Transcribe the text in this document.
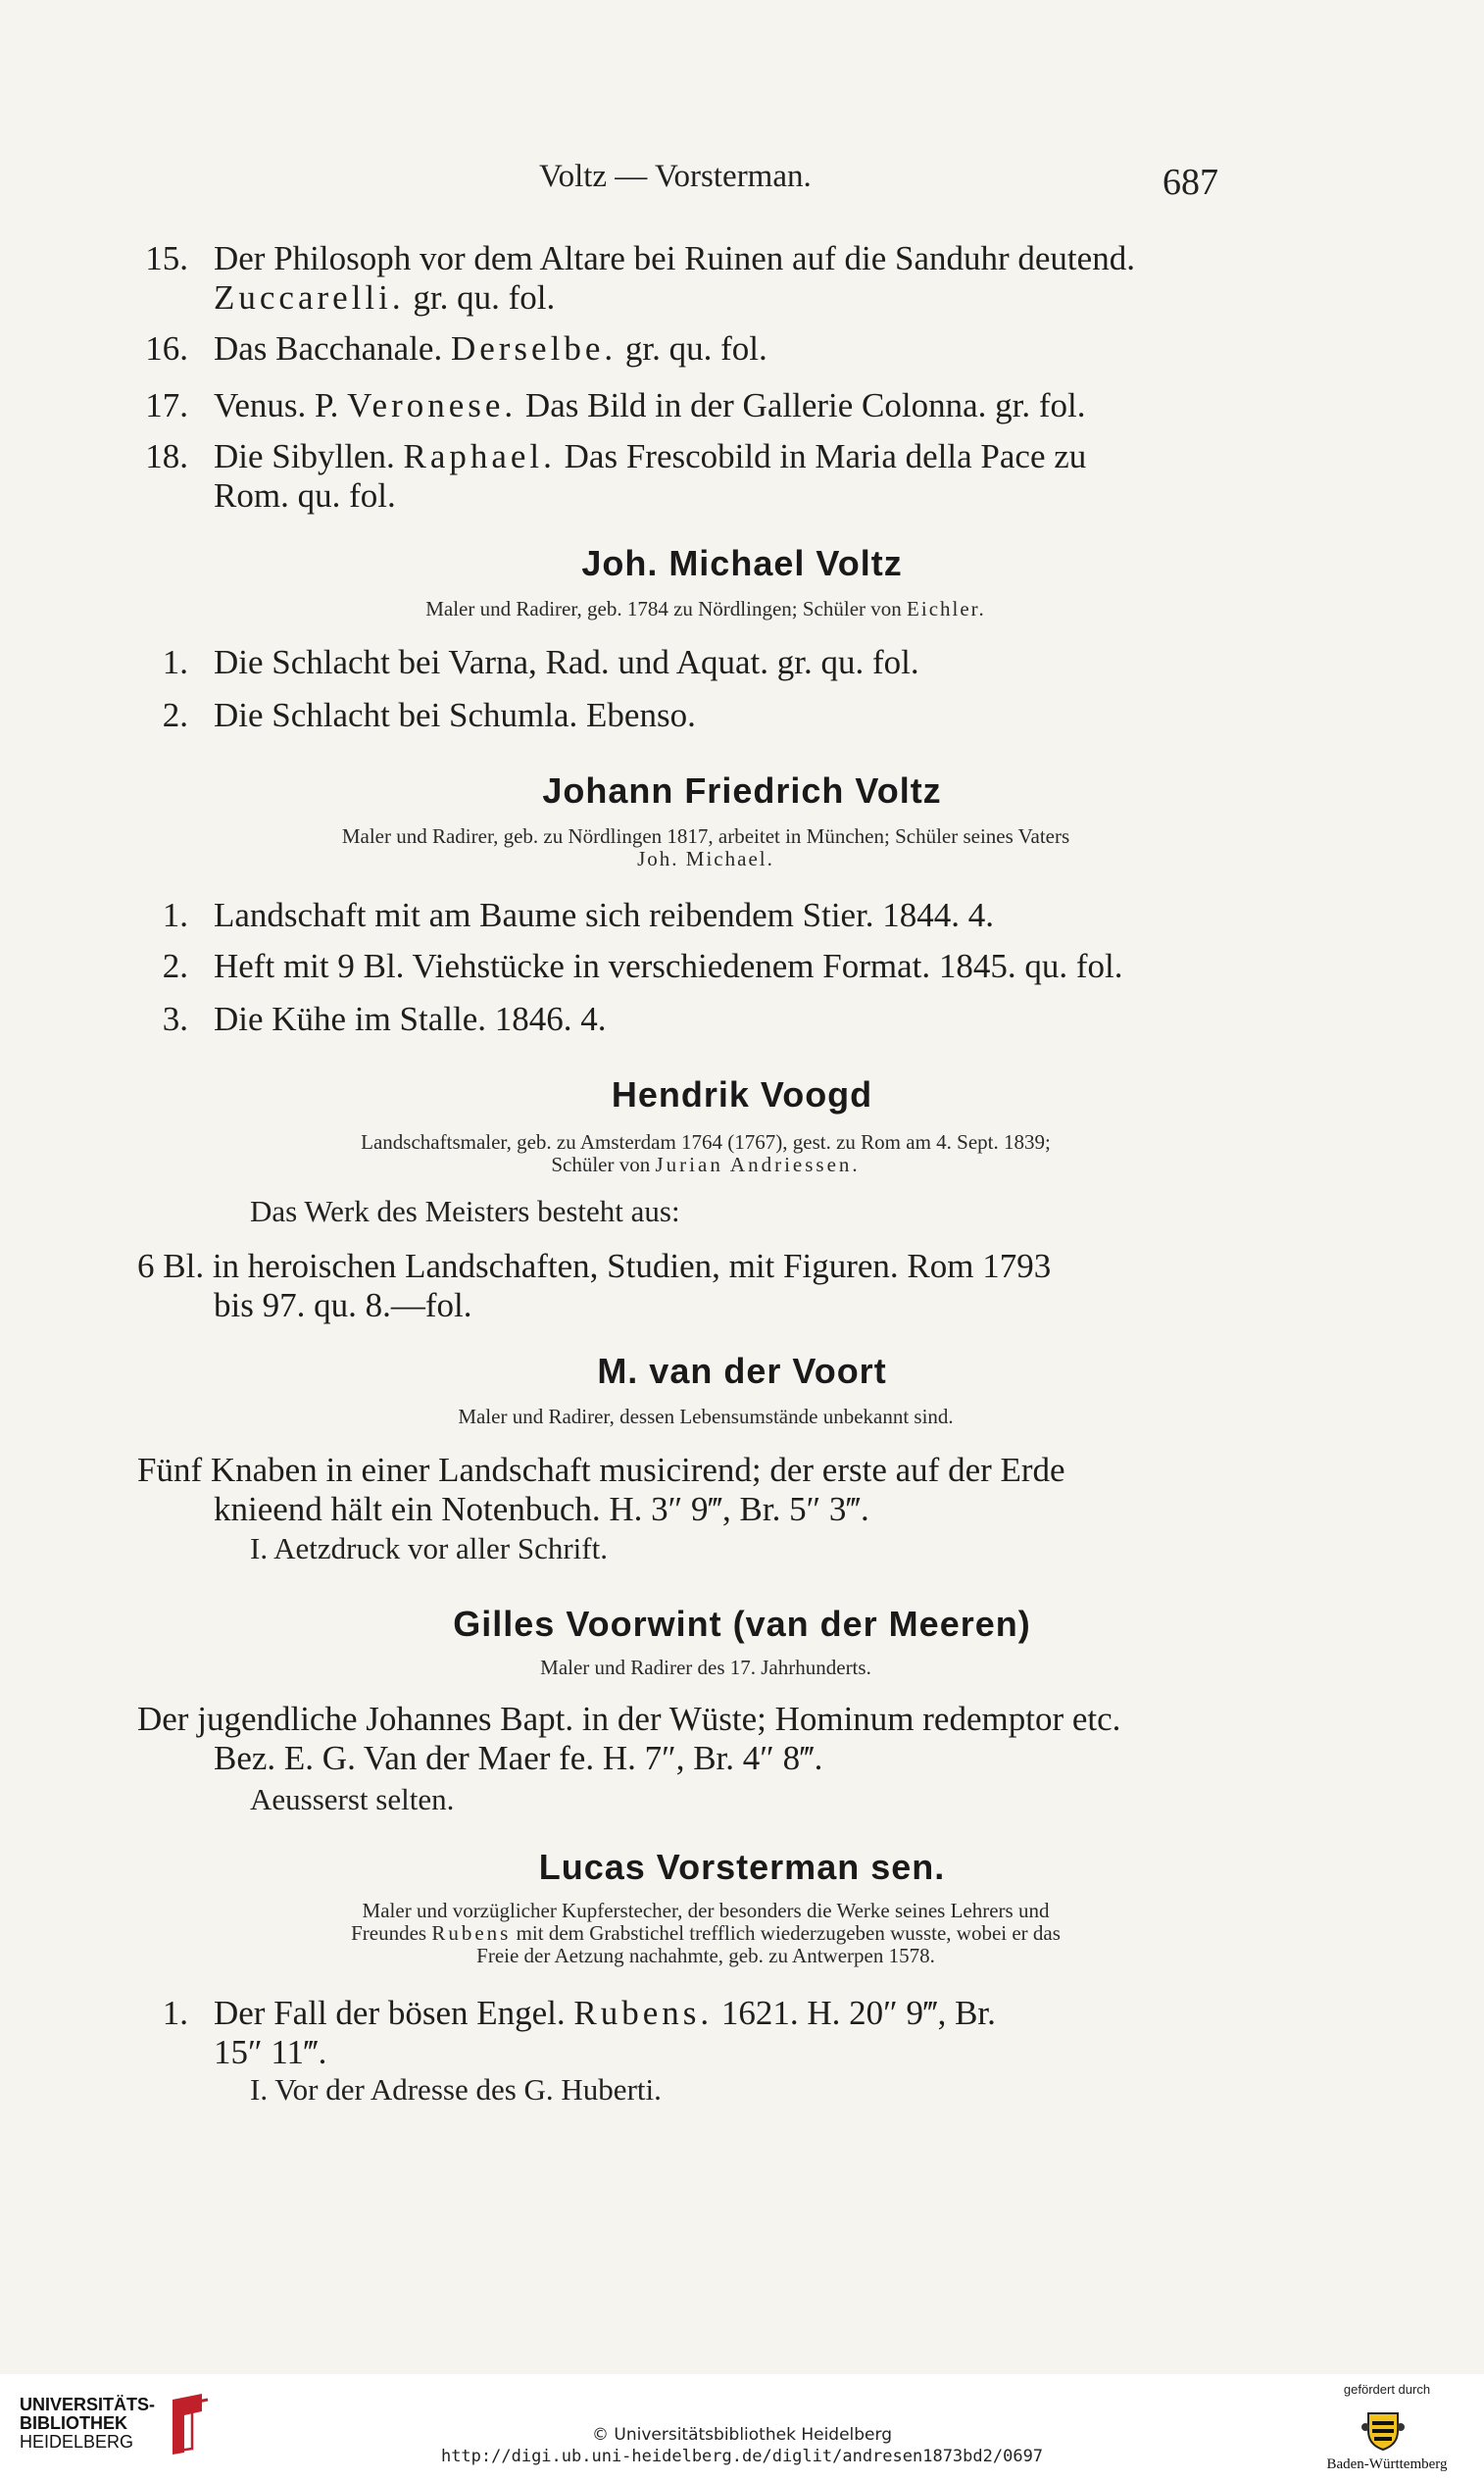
Voltz — Vorsterman.	687
15. Der Philosoph vor dem Altare bei Ruinen auf die Sanduhr deutend.
Zuccarelli. gr. qu. fol.
16. Das Bacchanale. Derselbe. gr. qu. fol.
17. Venus. P. Veronese. Das Bild in der Gallerie Colonna. gr. fol.
18. Die Sibyllen. Raphael. Das Frescobild in Maria della Pace zu
Rom. qu. fol.
Joh. Michael Voltz
Maler und Radirer, geb. 1784 zu Nördlingen; Schüler von Eichler.
1. Die Schlacht bei Varna, Rad. und Aquat. gr. qu. fol.
2. Die Schlacht bei Schumla. Ebenso.
Johann Friedrich Voltz
Maler und Radirer, geb. zu Nördlingen 1817, arbeitet in München; Schüler seines Vaters
Joh. Michael.
1. Landschaft mit am Baume sich reibendem Stier. 1844. 4.
2. Heft mit 9 Bl. Viehstücke in verschiedenem Format. 1845. qu. fol.
3. Die Kühe im Stalle. 1846. 4.
Hendrik Voogd
Landschaftsmaler, geb. zu Amsterdam 1764 (1767), gest. zu Rom am 4. Sept. 1839;
Schüler von Jurian Andriessen.
Das Werk des Meisters besteht aus:
6 Bl. in heroischen Landschaften, Studien, mit Figuren. Rom 1793
bis 97. qu. 8.—fol.
M. van der Voort
Maler und Radirer, dessen Lebensumstände unbekannt sind.
Fünf Knaben in einer Landschaft musicirend; der erste auf der Erde
knieend hält ein Notenbuch. H. 3″ 9‴, Br. 5″ 3‴.
I. Aetzdruck vor aller Schrift.
Gilles Voorwint (van der Meeren)
Maler und Radirer des 17. Jahrhunderts.
Der jugendliche Johannes Bapt. in der Wüste; Hominum redemptor etc.
Bez. E. G. Van der Maer fe. H. 7″, Br. 4″ 8‴.
Aeusserst selten.
Lucas Vorsterman sen.
Maler und vorzüglicher Kupferstecher, der besonders die Werke seines Lehrers und
Freundes Rubens mit dem Grabstichel trefflich wiederzugeben wusste, wobei er das
Freie der Aetzung nachahmte, geb. zu Antwerpen 1578.
1. Der Fall der bösen Engel. Rubens. 1621. H. 20″ 9‴, Br.
15″ 11‴.
I. Vor der Adresse des G. Huberti.
UNIVERSITÄTS-
BIBLIOTHEK
HEIDELBERG	© Universitätsbibliothek Heidelberg
http://digi.ub.uni-heidelberg.de/diglit/andresen1873bd2/0697
gefördert durch
Baden-Württemberg
